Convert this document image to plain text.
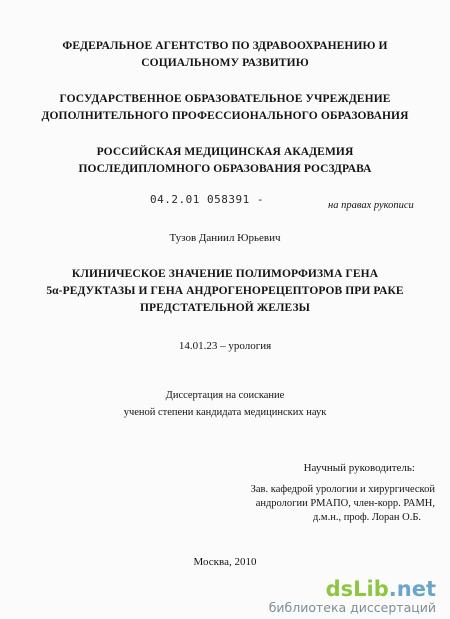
ФЕДЕРАЛЬНОЕ АГЕНТСТВО ПО ЗДРАВООХРАНЕНИЮ И
СОЦИАЛЬНОМУ РАЗВИТИЮ
ГОСУДАРСТВЕННОЕ ОБРАЗОВАТЕЛЬНОЕ УЧРЕЖДЕНИЕ
ДОПОЛНИТЕЛЬНОГО ПРОФЕССИОНАЛЬНОГО ОБРАЗОВАНИЯ
РОССИЙСКАЯ МЕДИЦИНСКАЯ АКАДЕМИЯ
ПОСЛЕДИПЛОМНОГО ОБРАЗОВАНИЯ РОСЗДРАВА
04.2.01 058391 -	на правах рукописи
Тузов Даниил Юрьевич
КЛИНИЧЕСКОЕ ЗНАЧЕНИЕ ПОЛИМОРФИЗМА ГЕНА
5α-РЕДУКТАЗЫ И ГЕНА АНДРОГЕНОРЕЦЕПТОРОВ ПРИ РАКЕ
ПРЕДСТАТЕЛЬНОЙ ЖЕЛЕЗЫ
14.01.23 – урология
Диссертация на соискание
ученой степени кандидата медицинских наук
Научный руководитель:
Зав. кафедрой урологии и хирургической
андрологии РМАПО, член-корр. РАМН,
д.м.н., проф. Лоран О.Б.
Москва, 2010
dsLib.net
библиотека диссертаций
